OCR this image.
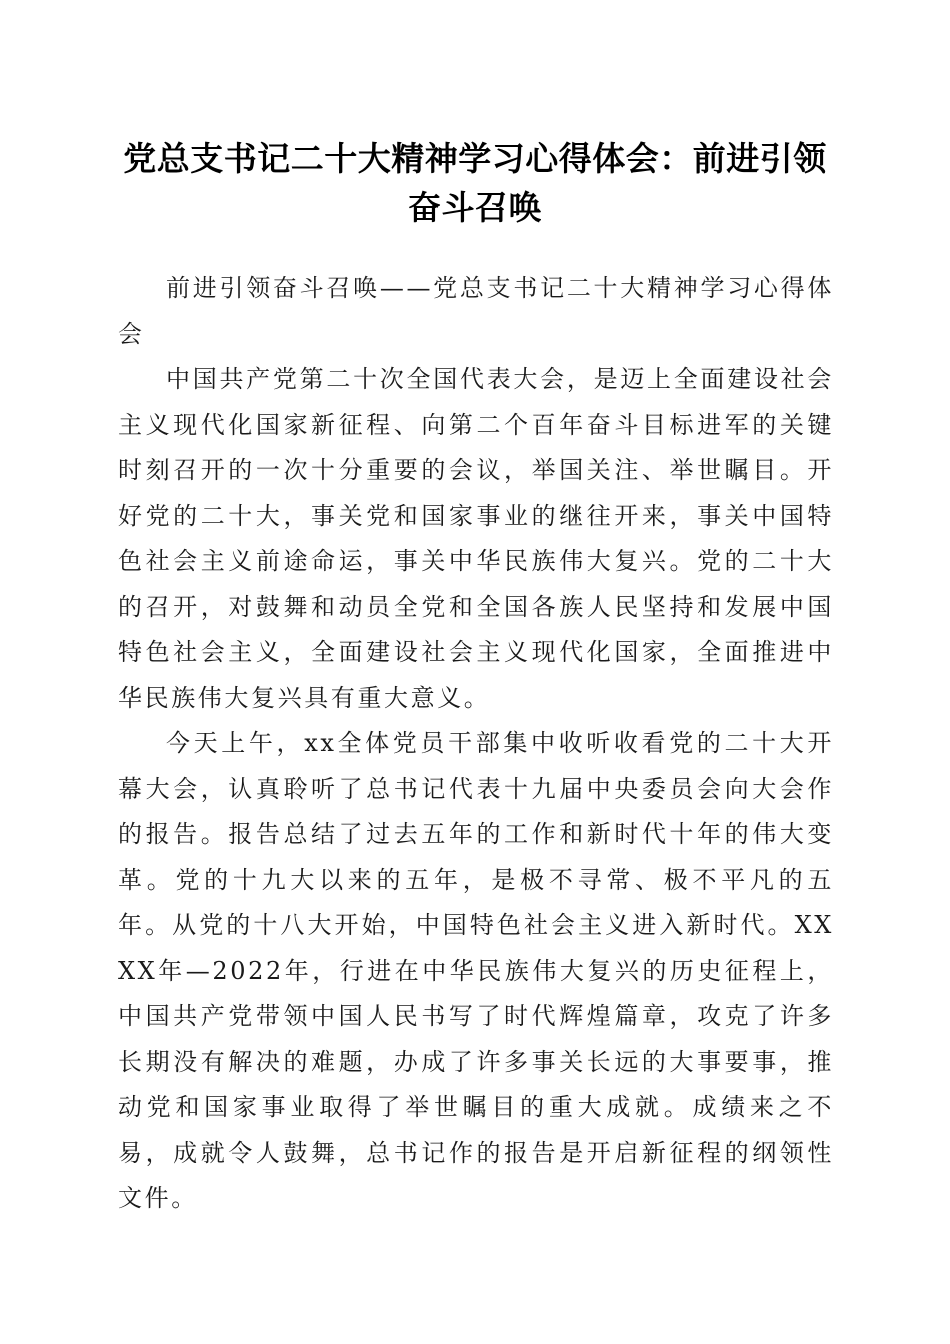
党总支书记二十大精神学习心得体会：前进引领奋斗召唤

前进引领奋斗召唤——党总支书记二十大精神学习心得体会

中国共产党第二十次全国代表大会，是迈上全面建设社会主义现代化国家新征程、向第二个百年奋斗目标进军的关键时刻召开的一次十分重要的会议，举国关注、举世瞩目。开好党的二十大，事关党和国家事业的继往开来，事关中国特色社会主义前途命运，事关中华民族伟大复兴。党的二十大的召开，对鼓舞和动员全党和全国各族人民坚持和发展中国特色社会主义，全面建设社会主义现代化国家，全面推进中华民族伟大复兴具有重大意义。

今天上午，xx全体党员干部集中收听收看党的二十大开幕大会，认真聆听了总书记代表十九届中央委员会向大会作的报告。报告总结了过去五年的工作和新时代十年的伟大变革。党的十九大以来的五年，是极不寻常、极不平凡的五年。从党的十八大开始，中国特色社会主义进入新时代。XXXX年—2022年，行进在中华民族伟大复兴的历史征程上，中国共产党带领中国人民书写了时代辉煌篇章，攻克了许多长期没有解决的难题，办成了许多事关长远的大事要事，推动党和国家事业取得了举世瞩目的重大成就。成绩来之不易，成就令人鼓舞，总书记作的报告是开启新征程的纲领性文件。
